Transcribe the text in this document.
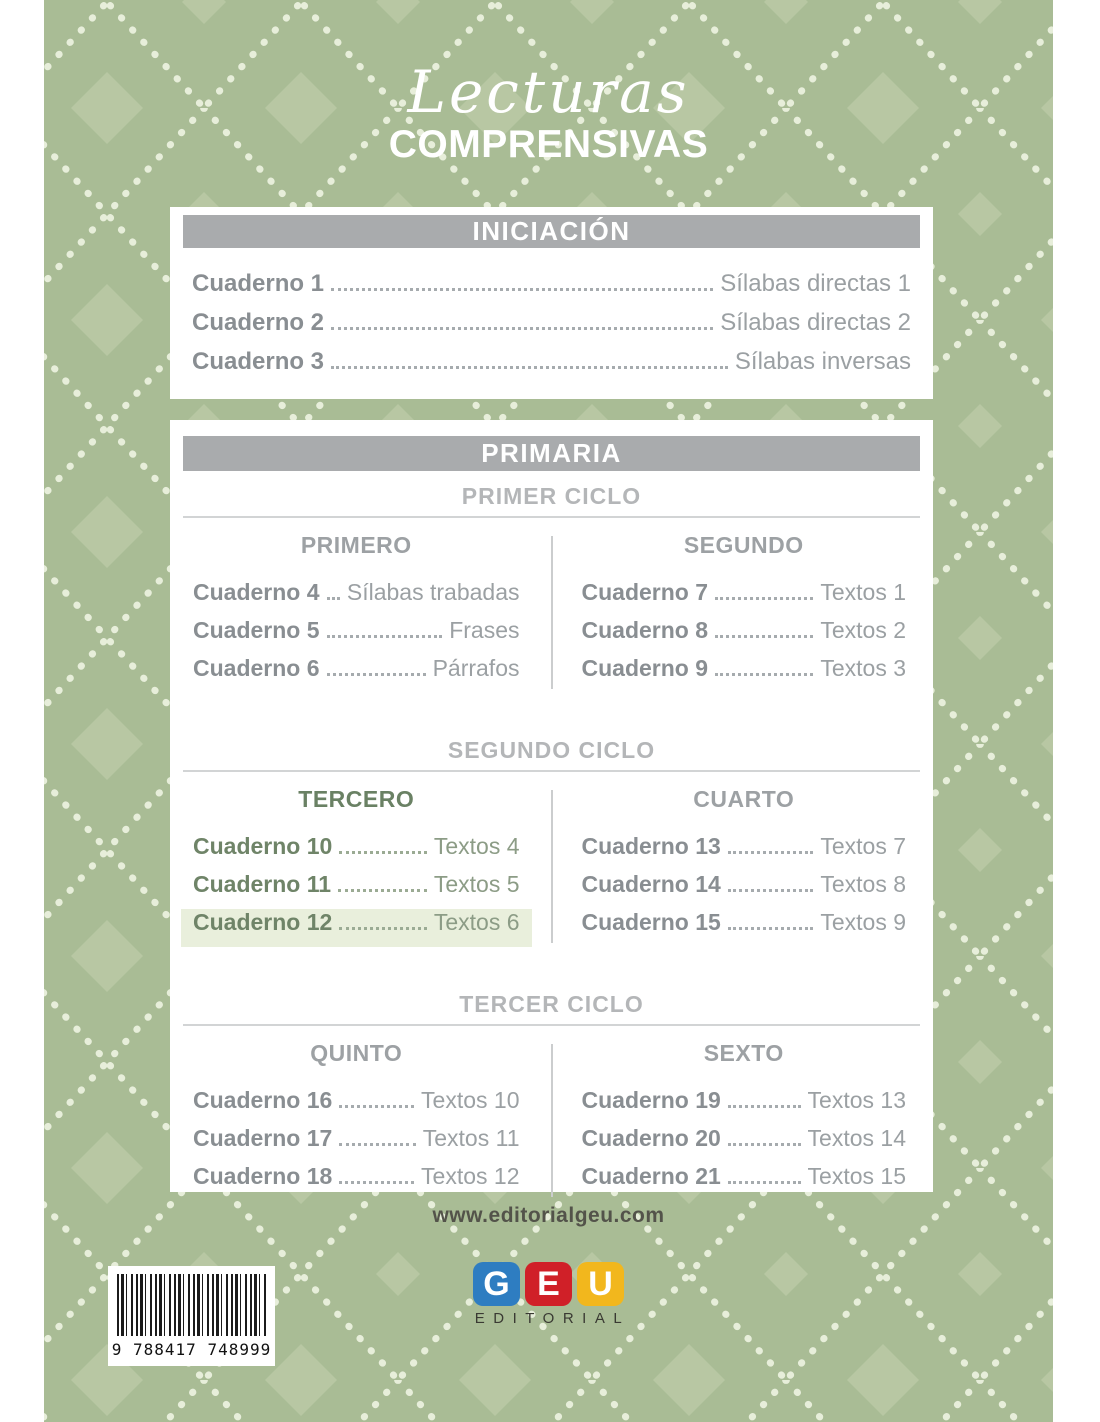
Lecturas
COMPRENSIVAS
INICIACIÓN
Cuaderno 1	Sílabas directas 1
Cuaderno 2	Sílabas directas 2
Cuaderno 3	Sílabas inversas
PRIMARIA
PRIMER CICLO
PRIMERO
Cuaderno 4 Sílabas trabadas
Cuaderno 5	Frases
Cuaderno 6	Párrafos
SEGUNDO
Cuaderno 7	Textos 1
Cuaderno 8	Textos 2
Cuaderno 9	Textos 3
SEGUNDO CICLO
TERCERO
Cuaderno 10	Textos 4
Cuaderno 11	Textos 5
Cuaderno 12	Textos 6
CUARTO
Cuaderno 13	Textos 7
Cuaderno 14	Textos 8
Cuaderno 15	Textos 9
TERCER CICLO
QUINTO
Cuaderno 16	Textos 10
Cuaderno 17	Textos 11
Cuaderno 18	Textos 12
SEXTO
Cuaderno 19	Textos 13
Cuaderno 20	Textos 14
Cuaderno 21	Textos 15
www.editorialgeu.com
G E U
EDITORIAL
9 788417 748999
